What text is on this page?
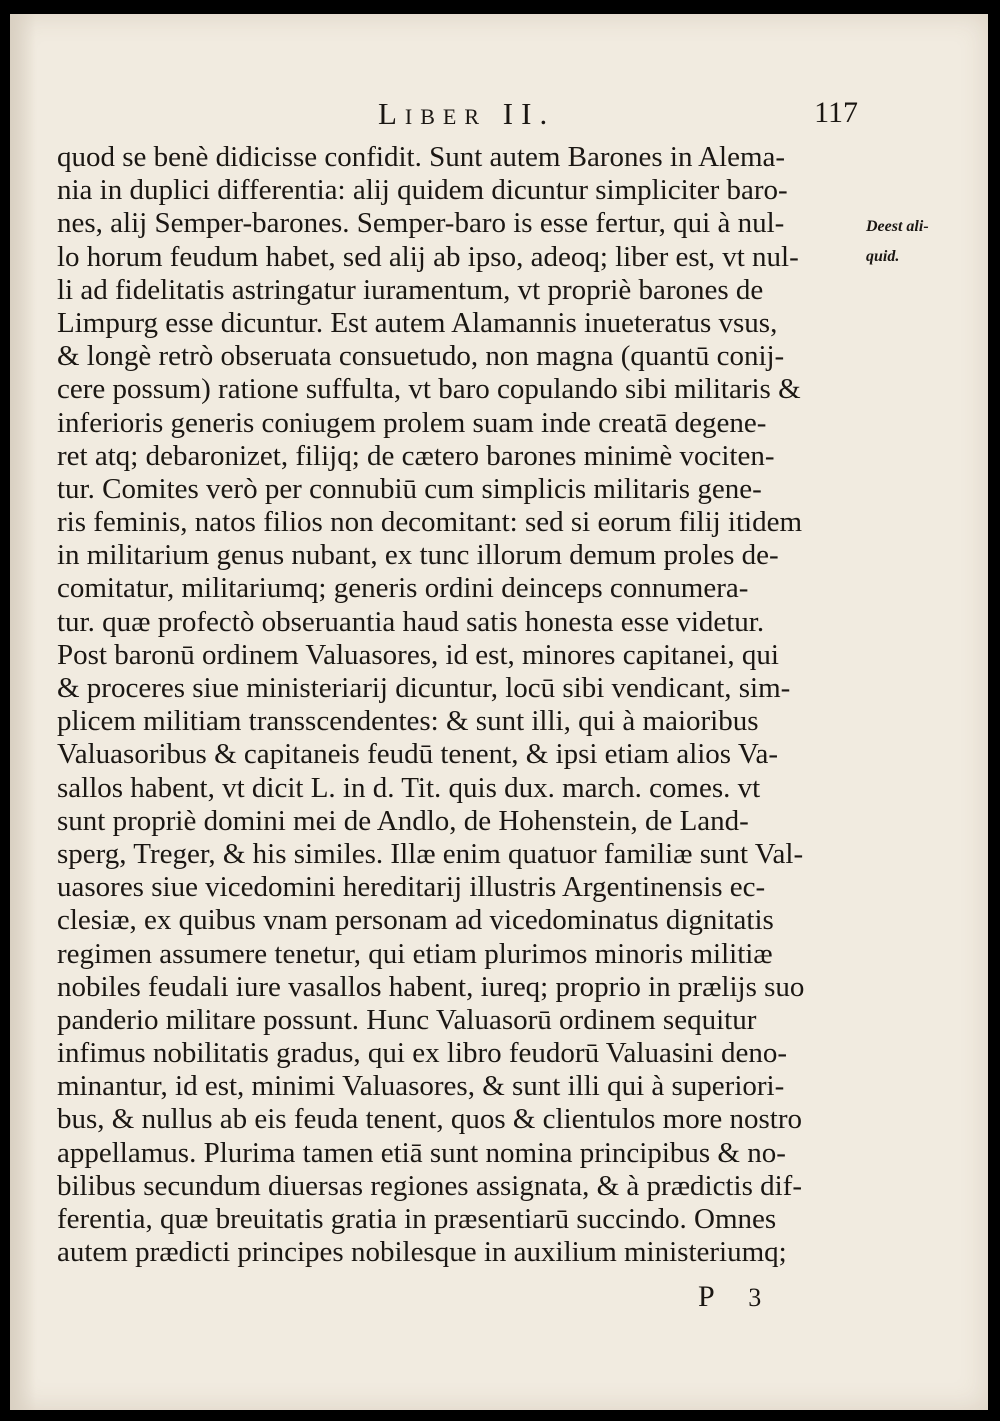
Liber II.	117
quod se benè didicisse confidit. Sunt autem Barones in Alema-
nia in duplici differentia: alij quidem dicuntur simpliciter baro-
nes, alij Semper-barones. Semper-baro is esse fertur, qui à nul-
lo horum feudum habet, sed alij ab ipso, adeoq; liber est, vt nul-
li ad fidelitatis astringatur iuramentum, vt propriè barones de
Limpurg esse dicuntur. Est autem Alamannis inueteratus vsus,
& longè retrò obseruata consuetudo, non magna (quantū conij-
cere possum) ratione suffulta, vt baro copulando sibi militaris &
inferioris generis coniugem prolem suam inde creatā degene-
ret atq; debaronizet, filijq; de cætero barones minimè vociten-
tur. Comites verò per connubiū cum simplicis militaris gene-
ris feminis, natos filios non decomitant: sed si eorum filij itidem
in militarium genus nubant, ex tunc illorum demum proles de-
comitatur, militariumq; generis ordini deinceps connumera-
tur. quæ profectò obseruantia haud satis honesta esse videtur.
Post baronū ordinem Valuasores, id est, minores capitanei, qui
& proceres siue ministeriarij dicuntur, locū sibi vendicant, sim-
plicem militiam transscendentes: & sunt illi, qui à maioribus
Valuasoribus & capitaneis feudū tenent, & ipsi etiam alios Va-
sallos habent, vt dicit L. in d. Tit. quis dux. march. comes. vt
sunt propriè domini mei de Andlo, de Hohenstein, de Land-
sperg, Treger, & his similes. Illæ enim quatuor familiæ sunt Val-
uasores siue vicedomini hereditarij illustris Argentinensis ec-
clesiæ, ex quibus vnam personam ad vicedominatus dignitatis
regimen assumere tenetur, qui etiam plurimos minoris militiæ
nobiles feudali iure vasallos habent, iureq; proprio in prælijs suo
panderio militare possunt. Hunc Valuasorū ordinem sequitur
infimus nobilitatis gradus, qui ex libro feudorū Valuasini deno-
minantur, id est, minimi Valuasores, & sunt illi qui à superiori-
bus, & nullus ab eis feuda tenent, quos & clientulos more nostro
appellamus. Plurima tamen etiā sunt nomina principibus & no-
bilibus secundum diuersas regiones assignata, & à prædictis dif-
ferentia, quæ breuitatis gratia in præsentiarū succindo. Omnes
autem prædicti principes nobilesque in auxilium ministeriumq;
Deest ali-
quid.
P 3
